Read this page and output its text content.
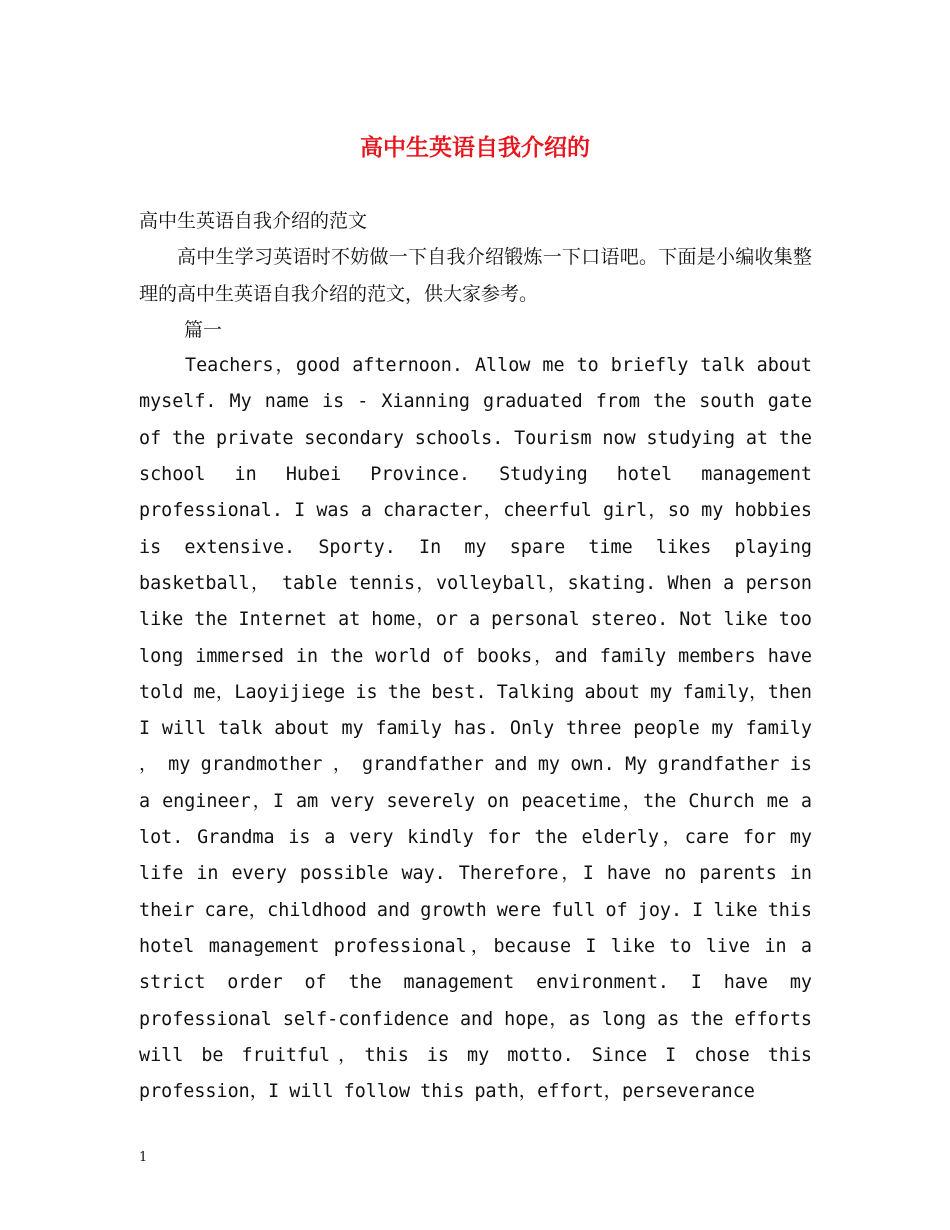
高中生英语自我介绍的

高中生英语自我介绍的范文

高中生学习英语时不妨做一下自我介绍锻炼一下口语吧。下面是小编收集整理的高中生英语自我介绍的范文，供大家参考。

篇一

Teachers，good afternoon. Allow me to briefly talk about myself. My name is - Xianning graduated from the south gate of the private secondary schools. Tourism now studying at the school in Hubei Province. Studying hotel management professional. I was a character，cheerful girl，so my hobbies is extensive. Sporty. In my spare time likes playing basketball， table tennis，volleyball，skating. When a person like the Internet at home，or a personal stereo. Not like too long immersed in the world of books，and family members have told me，Laoyijiege is the best. Talking about my family，then I will talk about my family has. Only three people my family ， my grandmother ， grandfather and my own. My grandfather is a engineer，I am very severely on peacetime，the Church me a lot. Grandma is a very kindly for the elderly，care for my life in every possible way. Therefore，I have no parents in their care，childhood and growth were full of joy. I like this hotel management professional，because I like to live in a strict order of the management environment. I have my professional self-confidence and hope，as long as the efforts will be fruitful，this is my motto. Since I chose this profession，I will follow this path，effort，perseverance

1
